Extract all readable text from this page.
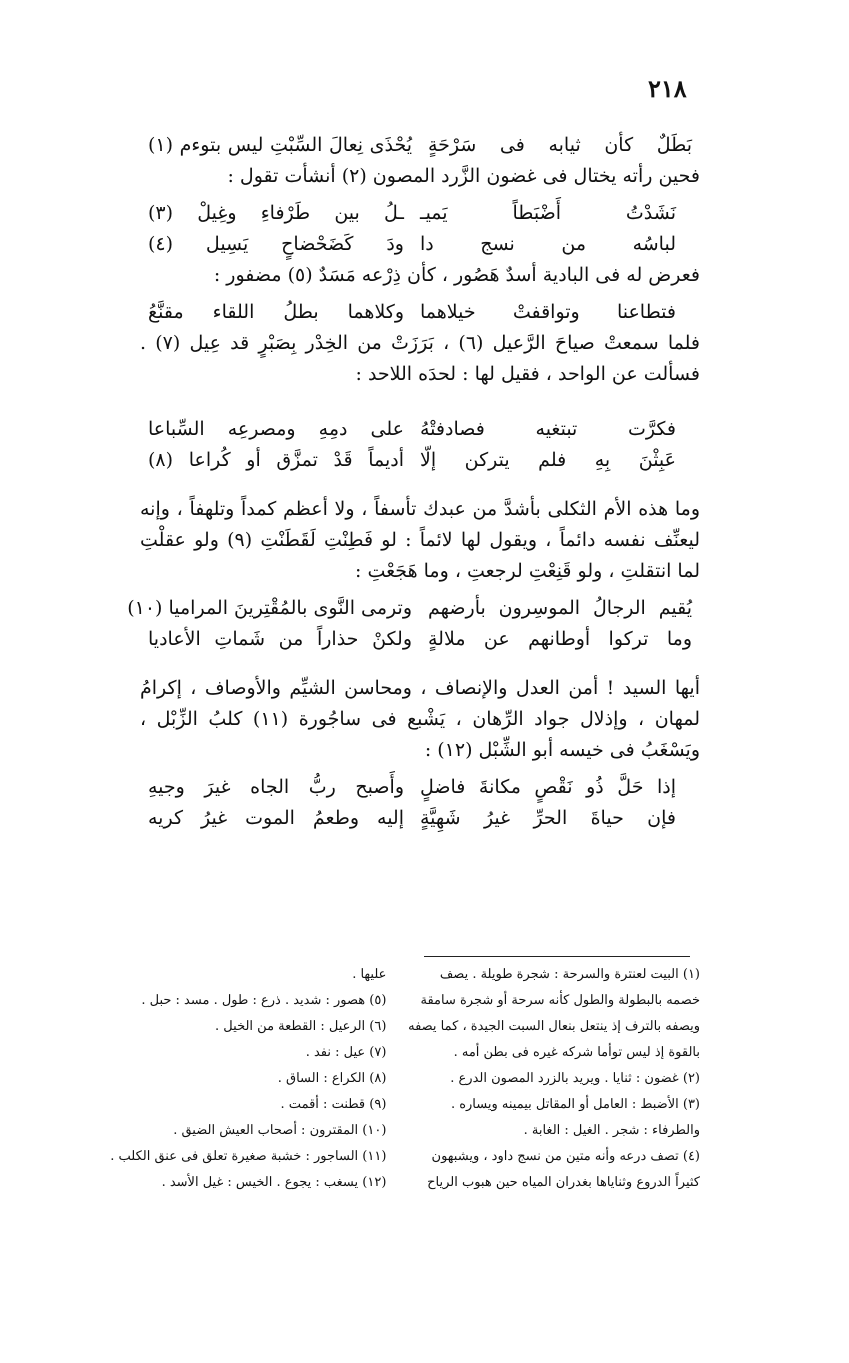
٢١٨
بَطَلٌ كأن ثيابه فى سَرْحَةٍ
يُحْذَى نِعالَ السِّبْتِ ليس بتوءم (١)

فحين رأته يختال فى غضون الزَّرد المصون (٢) أنشأت تقول :

نَشَدْتُ أَضْبَطاً يَميـ
ـلُ بين طَرْفاءِ وغِيلْ (٣)
لباسُه من نسج دا
ودَ كَضَحْضاحٍ يَسِيل (٤)

فعرض له فى البادية أسدٌ هَصُور ، كأن ذِرْعه مَسَدٌ (٥) مضفور :

فتطاعنا وتواقفتْ خيلاهما
وكلاهما بطلُ اللقاء مقنَّعُ

فلما سمعتْ صياحَ الرَّعيل (٦) ، بَرَزَتْ من الخِدْر بِصَبْرٍ قد عِيل (٧) . فسألت عن الواحد ، فقيل لها : لحدَه اللاحد :

فكرَّت تبتغيه فصادفتْهُ
على دمِهِ ومصرعِه السِّباعا
عَبِثْنَ بِهِ فلم يتركن إلّا
أديماً قَدْ تمزَّق أو كُراعا (٨)

وما هذه الأم الثكلى بأشدَّ من عبدك تأسفاً ، ولا أعظم كمداً وتلهفاً ، وإنه ليعنِّف نفسه دائماً ، ويقول لها لائماً : لو فَطِنْتِ لَقَطَنْتِ (٩) ولو عقلْتِ لما انتقلتِ ، ولو قَنِعْتِ لرجعتِ ، وما هَجَعْتِ :

يُقيم الرجالُ الموسِرون بأرضهم
وترمى النَّوى بالمُقْتِرينَ المراميا (١٠)
وما تركوا أوطانهم عن ملالةٍ
ولكنْ حذاراً من شَماتِ الأعاديا

أيها السيد ! أمن العدل والإنصاف ، ومحاسن الشيِّم والأوصاف ، إكرامُ لمهان ، وإذلال جواد الرِّهان ، يَشْبع فى ساجُورة (١١) كلبُ الزِّبْل ، ويَسْغَبُ فى خيسه أبو الشِّبْل (١٢) :

إذا حَلَّ ذُو نَقْصٍ مكانةَ فاضلٍ
وأَصبح ربُّ الجاه غيرَ وجيهِ
فإن حياةَ الحرِّ غيرُ شَهِيَّةٍ
إليه وطعمُ الموت غيرُ كريه
(١) البيت لعنترة والسرحة : شجرة طويلة . يصف
عليها .
خصمه بالبطولة والطول كأنه سرحة أو شجرة سامقة
(٥) هصور : شديد . ذرع : طول . مسد : حبل .
ويصفه بالترف إذ ينتعل بنعال السبت الجيدة ، كما يصفه
(٦) الرعيل : القطعة من الخيل .
بالقوة إذ ليس توأما شركه غيره فى بطن أمه .
(٧) عيل : نفد .
(٢) غضون : ثنايا . ويريد بالزرد المصون الدرع .
(٨) الكراع : الساق .
(٣) الأضبط : العامل أو المقاتل بيمينه ويساره .
(٩) قطنت : أقمت .
والطرفاء : شجر . الغيل : الغابة .
(١٠) المقترون : أصحاب العيش الضيق .
(٤) تصف درعه وأنه متين من نسج داود ، ويشبهون
(١١) الساجور : خشبة صغيرة تعلق فى عنق الكلب .
كثيراً الدروع وثناياها بغدران المياه حين هبوب الرياح
(١٢) يسغب : يجوع . الخيس : غيل الأسد .
